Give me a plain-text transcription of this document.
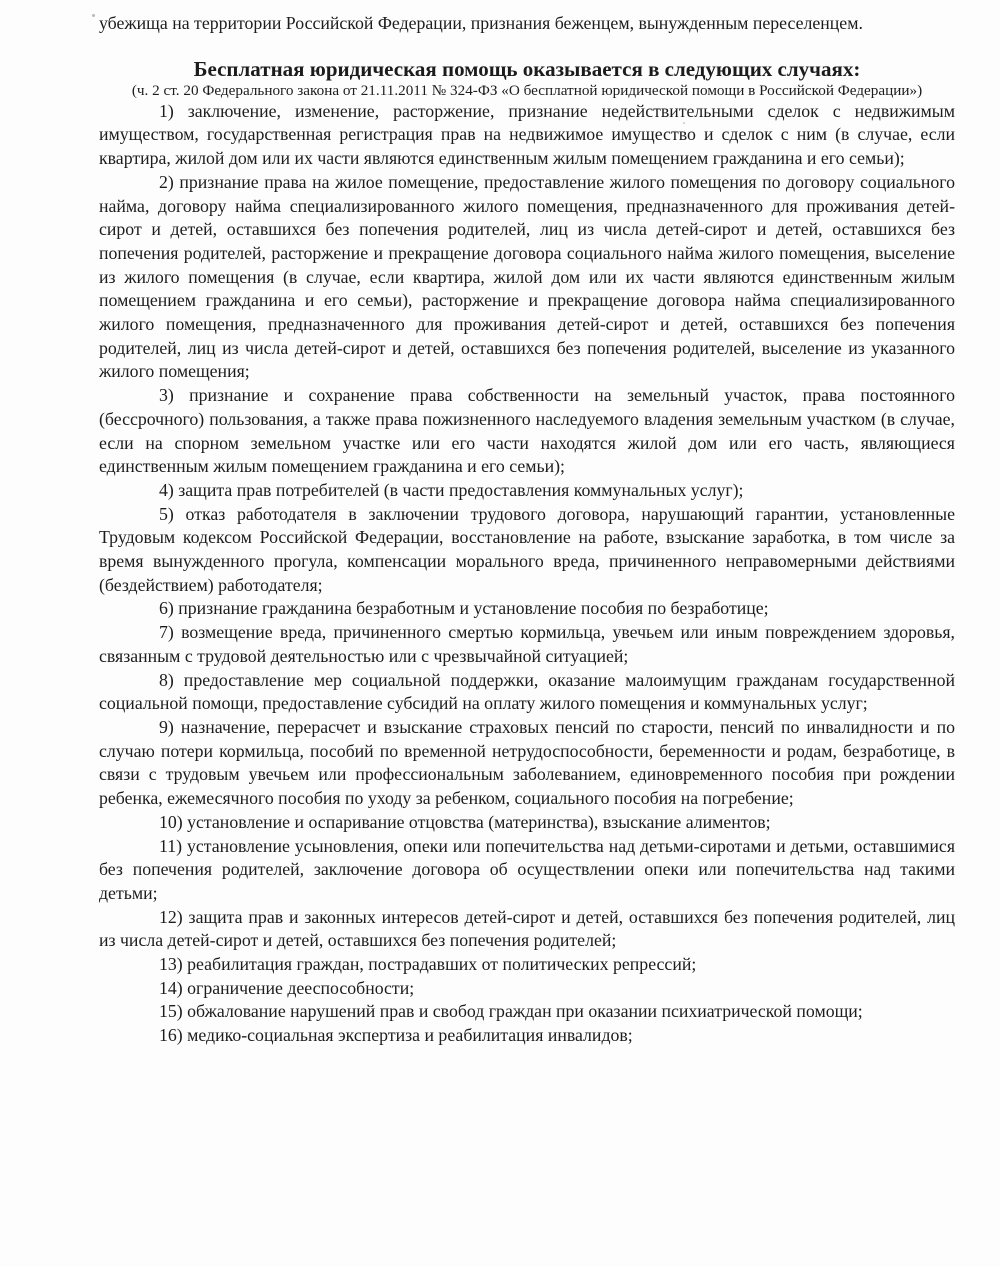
убежища на территории Российской Федерации, признания беженцем, вынужденным переселенцем.

Бесплатная юридическая помощь оказывается в следующих случаях:

(ч. 2 ст. 20 Федерального закона от 21.11.2011 № 324-ФЗ «О бесплатной юридической помощи в Российской Федерации»)

1) заключение, изменение, расторжение, признание недействительными сделок с недвижимым имуществом, государственная регистрация прав на недвижимое имущество и сделок с ним (в случае, если квартира, жилой дом или их части являются единственным жилым помещением гражданина и его семьи);

2) признание права на жилое помещение, предоставление жилого помещения по договору социального найма, договору найма специализированного жилого помещения, предназначенного для проживания детей-сирот и детей, оставшихся без попечения родителей, лиц из числа детей-сирот и детей, оставшихся без попечения родителей, расторжение и прекращение договора социального найма жилого помещения, выселение из жилого помещения (в случае, если квартира, жилой дом или их части являются единственным жилым помещением гражданина и его семьи), расторжение и прекращение договора найма специализированного жилого помещения, предназначенного для проживания детей-сирот и детей, оставшихся без попечения родителей, лиц из числа детей-сирот и детей, оставшихся без попечения родителей, выселение из указанного жилого помещения;

3) признание и сохранение права собственности на земельный участок, права постоянного (бессрочного) пользования, а также права пожизненного наследуемого владения земельным участком (в случае, если на спорном земельном участке или его части находятся жилой дом или его часть, являющиеся единственным жилым помещением гражданина и его семьи);

4) защита прав потребителей (в части предоставления коммунальных услуг);

5) отказ работодателя в заключении трудового договора, нарушающий гарантии, установленные Трудовым кодексом Российской Федерации, восстановление на работе, взыскание заработка, в том числе за время вынужденного прогула, компенсации морального вреда, причиненного неправомерными действиями (бездействием) работодателя;

6) признание гражданина безработным и установление пособия по безработице;

7) возмещение вреда, причиненного смертью кормильца, увечьем или иным повреждением здоровья, связанным с трудовой деятельностью или с чрезвычайной ситуацией;

8) предоставление мер социальной поддержки, оказание малоимущим гражданам государственной социальной помощи, предоставление субсидий на оплату жилого помещения и коммунальных услуг;

9) назначение, перерасчет и взыскание страховых пенсий по старости, пенсий по инвалидности и по случаю потери кормильца, пособий по временной нетрудоспособности, беременности и родам, безработице, в связи с трудовым увечьем или профессиональным заболеванием, единовременного пособия при рождении ребенка, ежемесячного пособия по уходу за ребенком, социального пособия на погребение;

10) установление и оспаривание отцовства (материнства), взыскание алиментов;

11) установление усыновления, опеки или попечительства над детьми-сиротами и детьми, оставшимися без попечения родителей, заключение договора об осуществлении опеки или попечительства над такими детьми;

12) защита прав и законных интересов детей-сирот и детей, оставшихся без попечения родителей, лиц из числа детей-сирот и детей, оставшихся без попечения родителей;

13) реабилитация граждан, пострадавших от политических репрессий;

14) ограничение дееспособности;

15) обжалование нарушений прав и свобод граждан при оказании психиатрической помощи;

16) медико-социальная экспертиза и реабилитация инвалидов;
